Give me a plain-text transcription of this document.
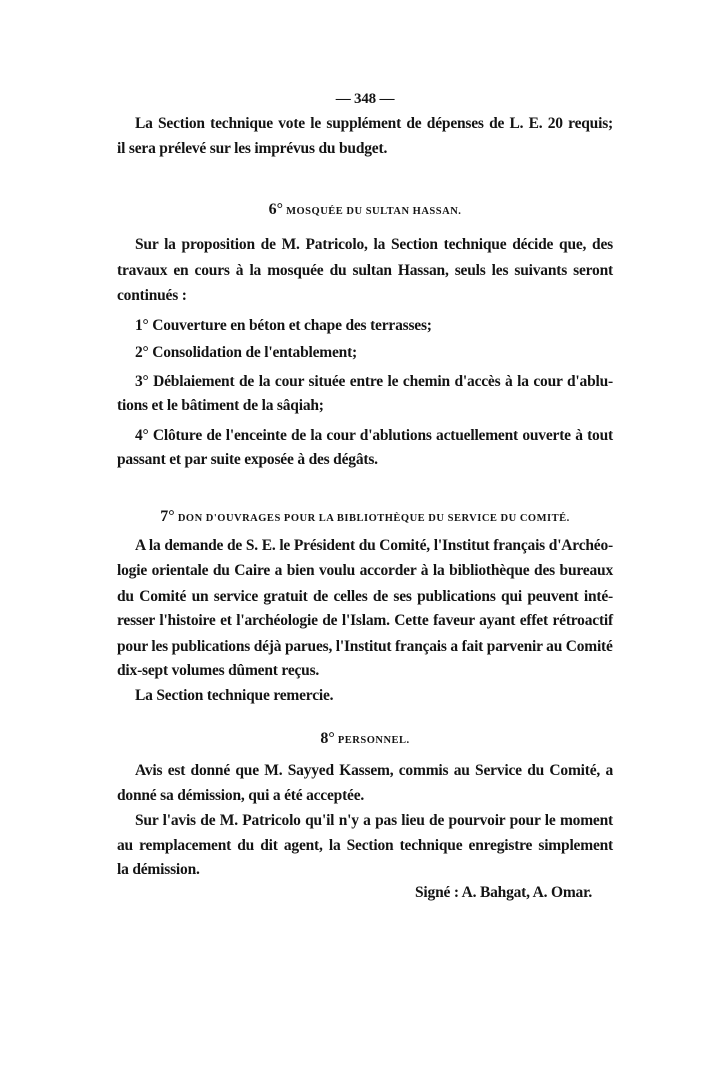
— 348 —
La Section technique vote le supplément de dépenses de L. E. 20 requis;
il sera prélevé sur les imprévus du budget.
6° MOSQUÉE DU SULTAN HASSAN.
Sur la proposition de M. Patricolo, la Section technique décide que, des
travaux en cours à la mosquée du sultan Hassan, seuls les suivants seront
continués :
1° Couverture en béton et chape des terrasses;
2° Consolidation de l'entablement;
3° Déblaiement de la cour située entre le chemin d'accès à la cour d'ablu-
tions et le bâtiment de la sâqiah;
4° Clôture de l'enceinte de la cour d'ablutions actuellement ouverte à tout
passant et par suite exposée à des dégâts.
7° DON D'OUVRAGES POUR LA BIBLIOTHÈQUE DU SERVICE DU COMITÉ.
A la demande de S. E. le Président du Comité, l'Institut français d'Archéo-
logie orientale du Caire a bien voulu accorder à la bibliothèque des bureaux
du Comité un service gratuit de celles de ses publications qui peuvent inté-
resser l'histoire et l'archéologie de l'Islam. Cette faveur ayant effet rétroactif
pour les publications déjà parues, l'Institut français a fait parvenir au Comité
dix-sept volumes dûment reçus.
La Section technique remercie.
8° PERSONNEL.
Avis est donné que M. Sayyed Kassem, commis au Service du Comité, a
donné sa démission, qui a été acceptée.
Sur l'avis de M. Patricolo qu'il n'y a pas lieu de pourvoir pour le moment
au remplacement du dit agent, la Section technique enregistre simplement
la démission.
Signé : A. Bahgat, A. Omar.
